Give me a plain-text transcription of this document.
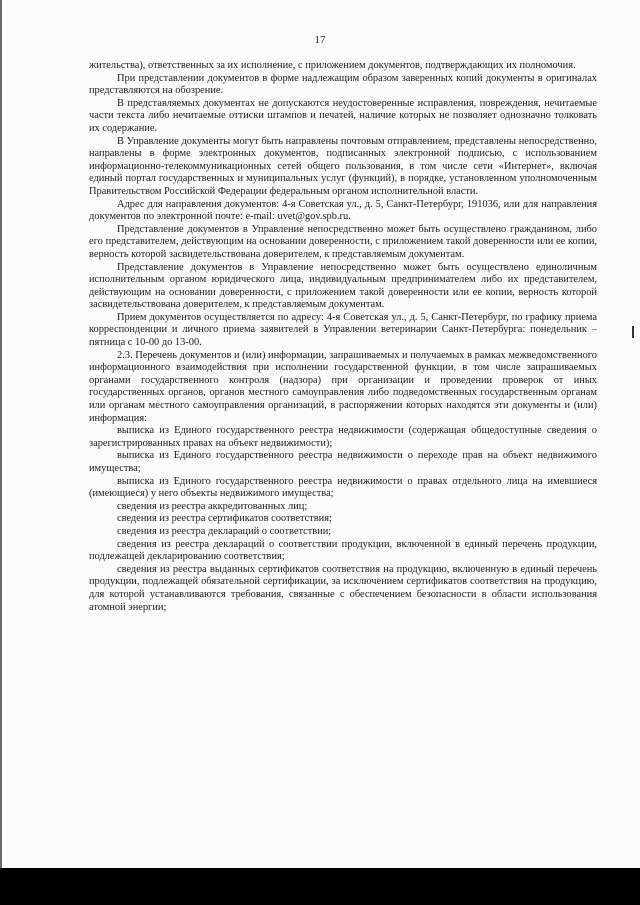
17

жительства), ответственных за их исполнение, с приложением документов, подтверждающих их полномочия.

При представлении документов в форме надлежащим образом заверенных копий документы в оригиналах представляются на обозрение.

В представляемых документах не допускаются неудостоверенные исправления, повреждения, нечитаемые части текста либо нечитаемые оттиски штампов и печатей, наличие которых не позволяет однозначно толковать их содержание.

В Управление документы могут быть направлены почтовым отправлением, представлены непосредственно, направлены в форме электронных документов, подписанных электронной подписью, с использованием информационно-телекоммуникационных сетей общего пользования, в том числе сети «Интернет», включая единый портал государственных и муниципальных услуг (функций), в порядке, установленном уполномоченным Правительством Российской Федерации федеральным органом исполнительной власти.

Адрес для направления документов: 4-я Советская ул., д. 5, Санкт-Петербург, 191036, или для направления документов по электронной почте: e-mail: uvet@gov.spb.ru.

Представление документов в Управление непосредственно может быть осуществлено гражданином, либо его представителем, действующим на основании доверенности, с приложением такой доверенности или ее копии, верность которой засвидетельствована доверителем, к представляемым документам.

Представление документов в Управление непосредственно может быть осуществлено единоличным исполнительным органом юридического лица, индивидуальным предпринимателем либо их представителем, действующим на основании доверенности, с приложением такой доверенности или ее копии, верность которой засвидетельствована доверителем, к представляемым документам.

Прием документов осуществляется по адресу: 4-я Советская ул., д. 5, Санкт-Петербург, по графику приема корреспонденции и личного приема заявителей в Управлении ветеринарии Санкт-Петербурга: понедельник – пятница с 10-00 до 13-00.

2.3. Перечень документов и (или) информации, запрашиваемых и получаемых в рамках межведомственного информационного взаимодействия при исполнении государственной функции, в том числе запрашиваемых органами государственного контроля (надзора) при организации и проведении проверок от иных государственных органов, органов местного самоуправления либо подведомственных государственным органам или органам местного самоуправления организаций, в распоряжении которых находятся эти документы и (или) информация:

выписка из Единого государственного реестра недвижимости (содержащая общедоступные сведения о зарегистрированных правах на объект недвижимости);

выписка из Единого государственного реестра недвижимости о переходе прав на объект недвижимого имущества;

выписка из Единого государственного реестра недвижимости о правах отдельного лица на имевшиеся (имеющиеся) у него объекты недвижимого имущества;

сведения из реестра аккредитованных лиц;

сведения из реестра сертификатов соответствия;

сведения из реестра деклараций о соответствии;

сведения из реестра деклараций о соответствии продукции, включенной в единый перечень продукции, подлежащей декларированию соответствия;

сведения из реестра выданных сертификатов соответствия на продукцию, включенную в единый перечень продукции, подлежащей обязательной сертификации, за исключением сертификатов соответствия на продукцию, для которой устанавливаются требования, связанные с обеспечением безопасности в области использования атомной энергии;
